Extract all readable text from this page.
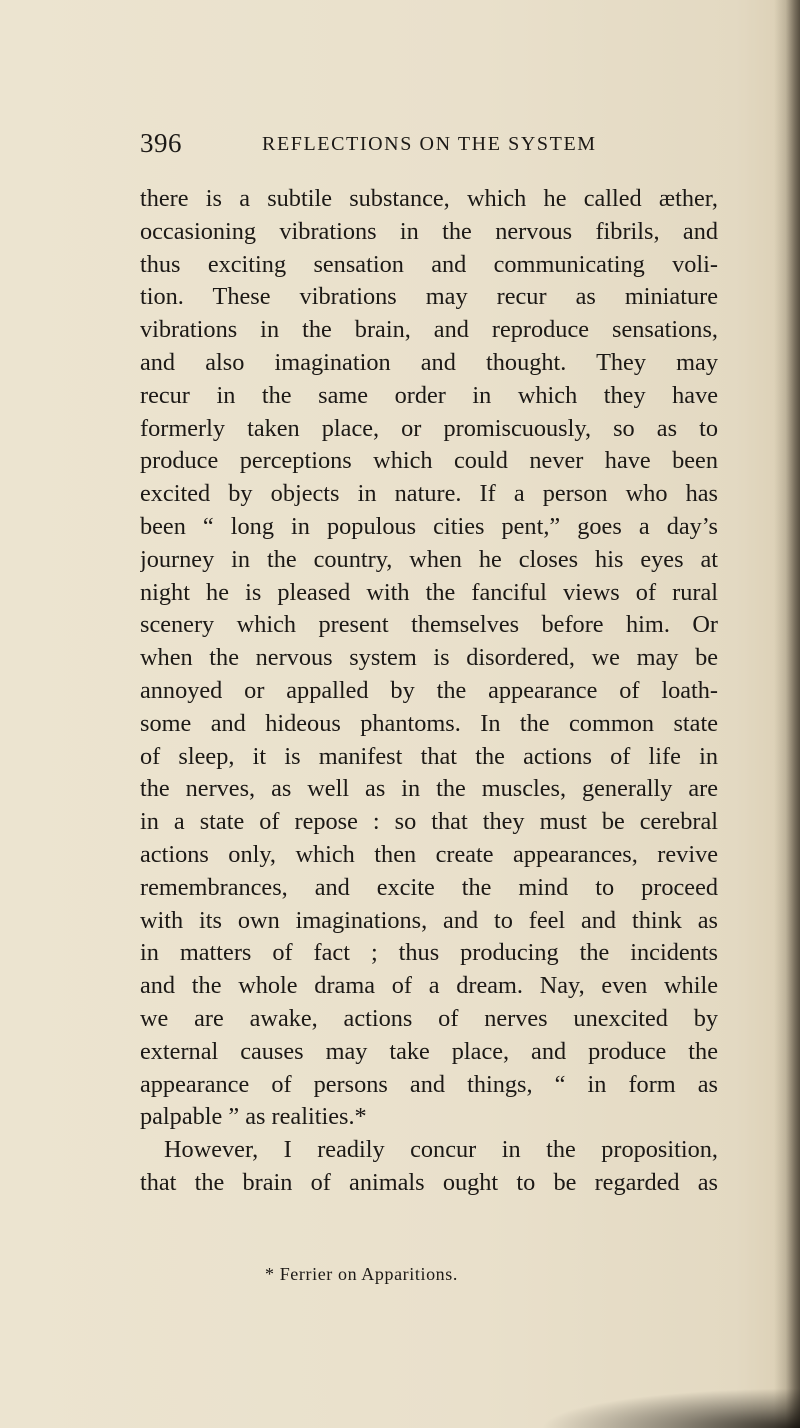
396	REFLECTIONS ON THE SYSTEM
there is a subtile substance, which he called æther,
occasioning vibrations in the nervous fibrils, and
thus exciting sensation and communicating voli-
tion. These vibrations may recur as miniature
vibrations in the brain, and reproduce sensations,
and also imagination and thought. They may
recur in the same order in which they have
formerly taken place, or promiscuously, so as to
produce perceptions which could never have been
excited by objects in nature. If a person who has
been “ long in populous cities pent,” goes a day’s
journey in the country, when he closes his eyes at
night he is pleased with the fanciful views of rural
scenery which present themselves before him. Or
when the nervous system is disordered, we may be
annoyed or appalled by the appearance of loath-
some and hideous phantoms. In the common state
of sleep, it is manifest that the actions of life in
the nerves, as well as in the muscles, generally are
in a state of repose : so that they must be cerebral
actions only, which then create appearances, revive
remembrances, and excite the mind to proceed
with its own imaginations, and to feel and think as
in matters of fact ; thus producing the incidents
and the whole drama of a dream. Nay, even while
we are awake, actions of nerves unexcited by
external causes may take place, and produce the
appearance of persons and things, “ in form as
palpable ” as realities.*
However, I readily concur in the proposition,
that the brain of animals ought to be regarded as
* Ferrier on Apparitions.
